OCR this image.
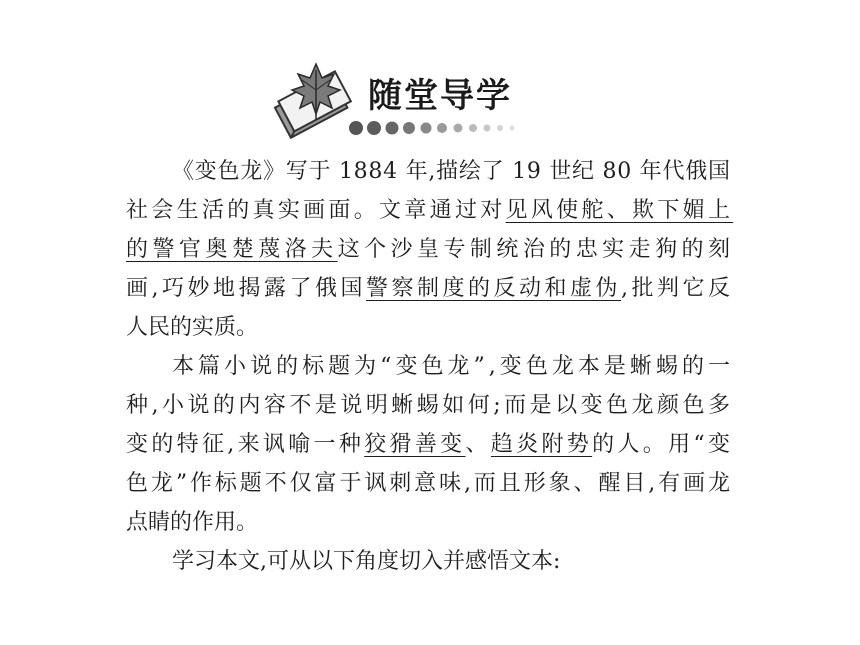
随堂导学
《变色龙》写于 1884 年,描绘了 19 世纪 80 年代俄国
社会生活的真实画面。文章通过对见风使舵、欺下媚上
的警官奥楚蔑洛夫这个沙皇专制统治的忠实走狗的刻
画,巧妙地揭露了俄国警察制度的反动和虚伪,批判它反
人民的实质。
本篇小说的标题为“变色龙”,变色龙本是蜥蜴的一
种,小说的内容不是说明蜥蜴如何;而是以变色龙颜色多
变的特征,来讽喻一种狡猾善变、趋炎附势的人。用“变
色龙”作标题不仅富于讽刺意味,而且形象、醒目,有画龙
点睛的作用。
学习本文,可从以下角度切入并感悟文本:
